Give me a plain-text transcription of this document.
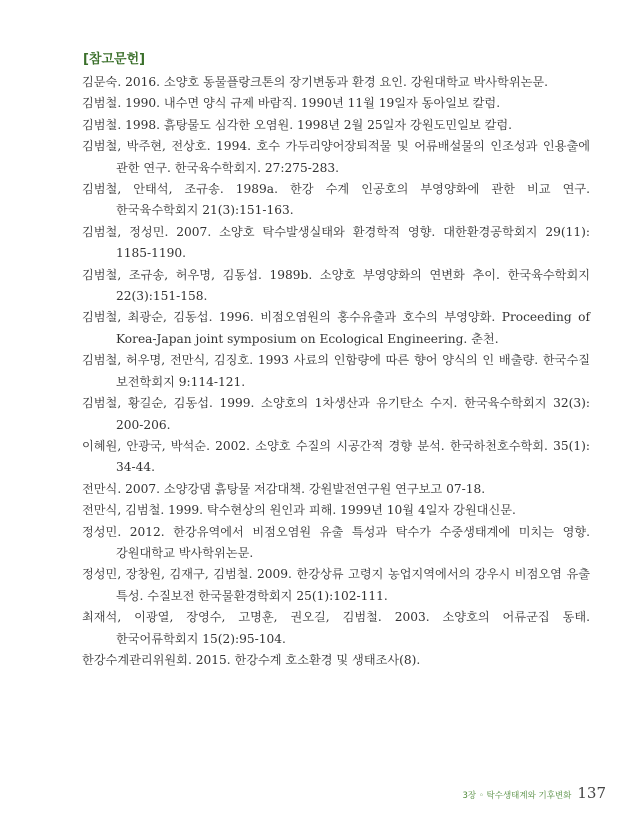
[참고문헌]

김문숙. 2016. 소양호 동물플랑크톤의 장기변동과 환경 요인. 강원대학교 박사학위논문.

김범철. 1990. 내수면 양식 규제 바람직. 1990년 11월 19일자 동아일보 칼럼.

김범철. 1998. 흙탕물도 심각한 오염원. 1998년 2월 25일자 강원도민일보 칼럼.

김범철, 박주현, 전상호. 1994. 호수 가두리양어장퇴적물 및 어류배설물의 인조성과 인용출에 관한 연구. 한국육수학회지. 27:275-283.

김범철, 안태석, 조규송. 1989a. 한강 수계 인공호의 부영양화에 관한 비교 연구. 한국육수학회지 21(3):151-163.

김범철, 정성민. 2007. 소양호 탁수발생실태와 환경학적 영향. 대한환경공학회지 29(11): 1185-1190.

김범철, 조규송, 허우명, 김동섭. 1989b. 소양호 부영양화의 연변화 추이. 한국육수학회지 22(3):151-158.

김범철, 최광순, 김동섭. 1996. 비점오염원의 홍수유출과 호수의 부영양화. Proceeding of Korea-Japan joint symposium on Ecological Engineering. 춘천.

김범철, 허우명, 전만식, 김징호. 1993 사료의 인함량에 따른 향어 양식의 인 배출량. 한국수질 보전학회지 9:114-121.

김범철, 황길순, 김동섭. 1999. 소양호의 1차생산과 유기탄소 수지. 한국육수학회지 32(3): 200-206.

이혜원, 안광국, 박석순. 2002. 소양호 수질의 시공간적 경향 분석. 한국하천호수학회. 35(1): 34-44.

전만식. 2007. 소양강댐 흙탕물 저감대책. 강원발전연구원 연구보고 07-18.

전만식, 김범철. 1999. 탁수현상의 원인과 피해. 1999년 10월 4일자 강원대신문.

정성민. 2012. 한강유역에서 비점오염원 유출 특성과 탁수가 수중생태계에 미치는 영향. 강원대학교 박사학위논문.

정성민, 장창원, 김재구, 김범철. 2009. 한강상류 고령지 농업지역에서의 강우시 비점오염 유출 특성. 수질보전 한국물환경학회지 25(1):102-111.

최재석, 이광열, 장영수, 고명훈, 권오길, 김범철. 2003. 소양호의 어류군집 동태. 한국어류학회지 15(2):95-104.

한강수계관리위원회. 2015. 한강수계 호소환경 및 생태조사(8).

3장 ◦ 탁수생태계와 기후변화 137
